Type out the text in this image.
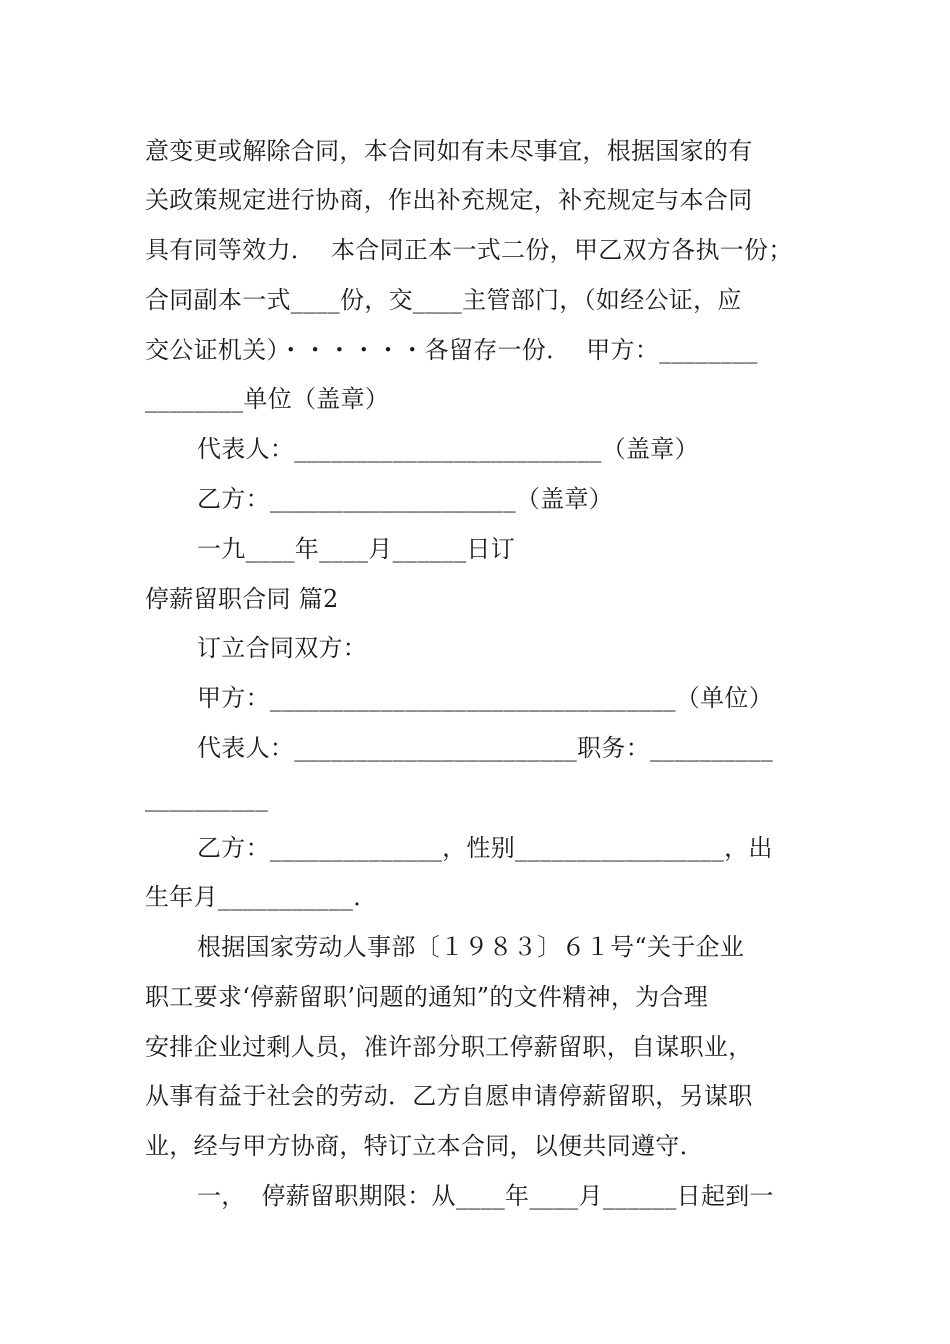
意变更或解除合同，本合同如有未尽事宜，根据国家的有
关政策规定进行协商，作出补充规定，补充规定与本合同
具有同等效力．  本合同正本一式二份，甲乙双方各执一份；
合同副本一式____份，交____主管部门，（如经公证，应
交公证机关）・・・・・・各留存一份．  甲方：________
________单位（盖章）
代表人：_________________________（盖章）
乙方：____________________（盖章）
一九____年____月______日订
停薪留职合同 篇2
订立合同双方：
甲方：_________________________________（单位）
代表人：_______________________职务：__________
__________
乙方：______________，性别_________________，出
生年月___________．
根据国家劳动人事部〔１９８３〕６１号“关于企业
职工要求‘停薪留职’问题的通知”的文件精神，为合理
安排企业过剩人员，准许部分职工停薪留职，自谋职业，
从事有益于社会的劳动．乙方自愿申请停薪留职，另谋职
业，经与甲方协商，特订立本合同，以便共同遵守．
一，  停薪留职期限：从____年____月______日起到一
